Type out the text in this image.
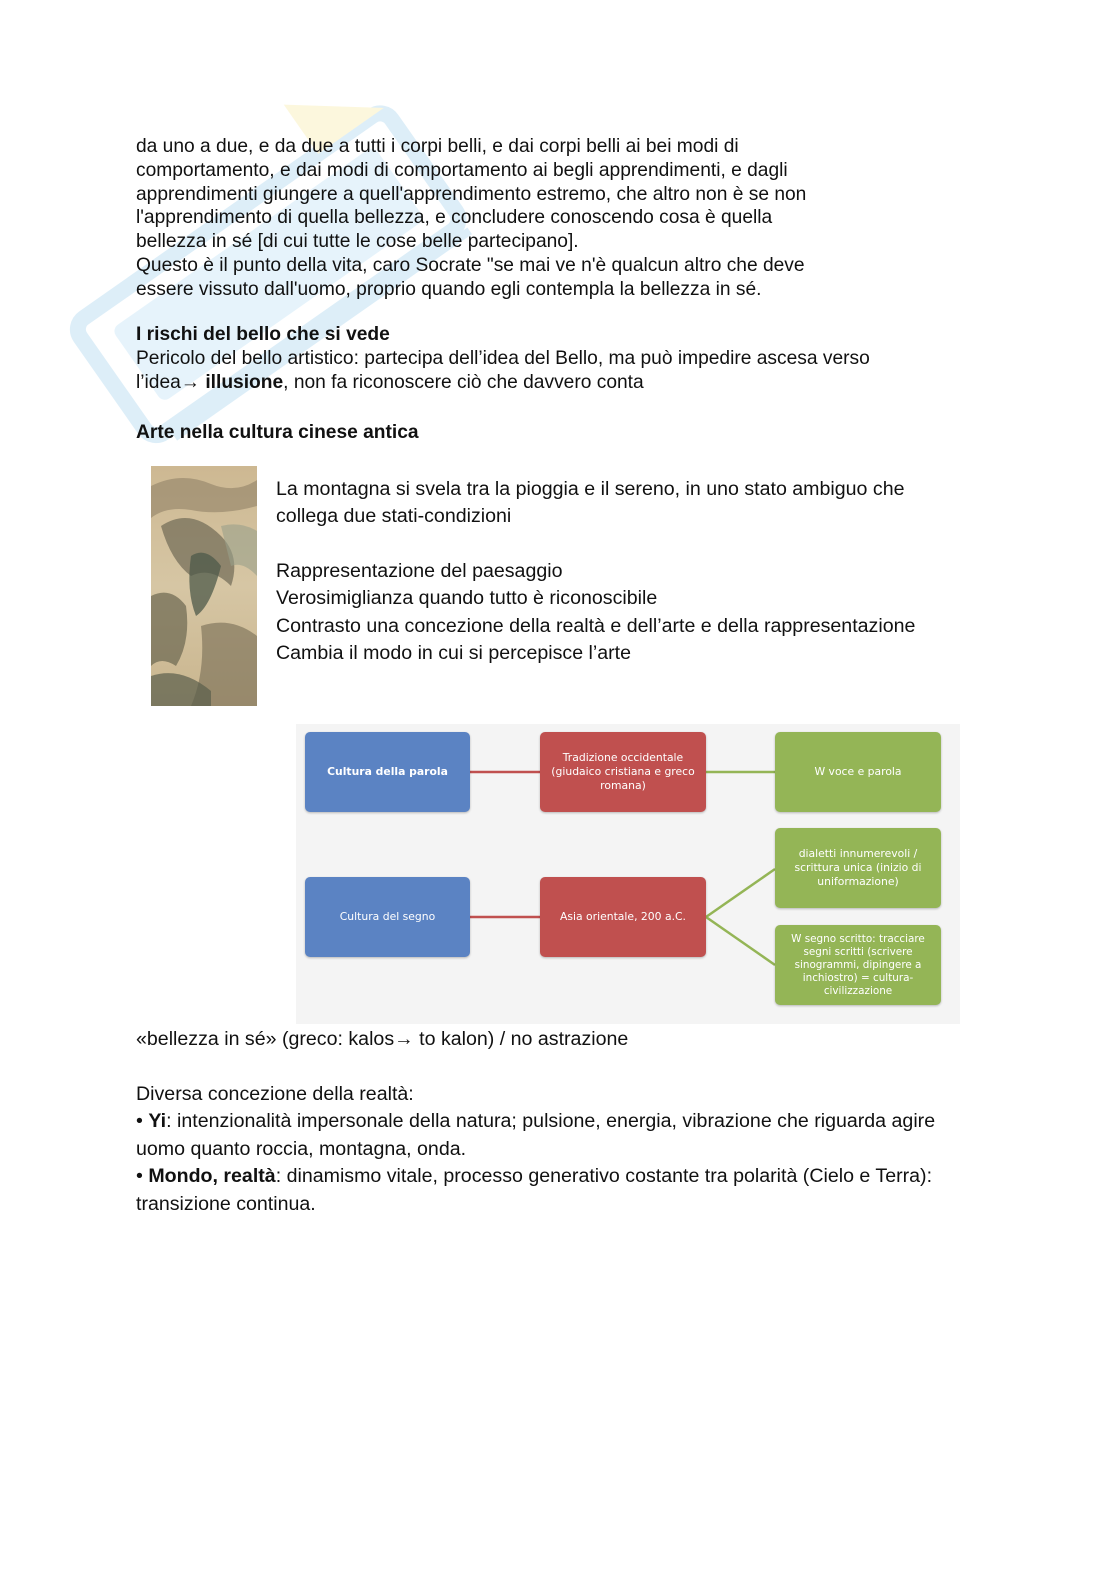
da uno a due, e da due a tutti i corpi belli, e dai corpi belli ai bei modi di
comportamento, e dai modi di comportamento ai begli apprendimenti, e dagli
apprendimenti giungere a quell'apprendimento estremo, che altro non è se non
l'apprendimento di quella bellezza, e concludere conoscendo cosa è quella
bellezza in sé [di cui tutte le cose belle partecipano].
Questo è il punto della vita, caro Socrate "se mai ve n'è qualcun altro che deve
essere vissuto dall'uomo, proprio quando egli contempla la bellezza in sé.
I rischi del bello che si vede
Pericolo del bello artistico: partecipa dell’idea del Bello, ma può impedire ascesa verso
l’idea→ illusione, non fa riconoscere ciò che davvero conta
Arte nella cultura cinese antica
La montagna si svela tra la pioggia e il sereno, in uno stato ambiguo che
collega due stati-condizioni
Rappresentazione del paesaggio
Verosimiglianza quando tutto è riconoscibile
Contrasto una concezione della realtà e dell’arte e della rappresentazione
Cambia il modo in cui si percepisce l’arte
Cultura della parola
Tradizione occidentale
(giudaico cristiana e greco
romana)
W voce e parola
Cultura del segno	Asia orientale, 200 a.C.
dialetti innumerevoli /
scrittura unica (inizio di
uniformazione)
W segno scritto: tracciare
segni scritti (scrivere
sinogrammi, dipingere a
inchiostro) = cultura-
civilizzazione
«bellezza in sé» (greco: kalos→ to kalon) / no astrazione
Diversa concezione della realtà:
• Yi: intenzionalità impersonale della natura; pulsione, energia, vibrazione che riguarda agire
uomo quanto roccia, montagna, onda.
• Mondo, realtà: dinamismo vitale, processo generativo costante tra polarità (Cielo e Terra):
transizione continua.
